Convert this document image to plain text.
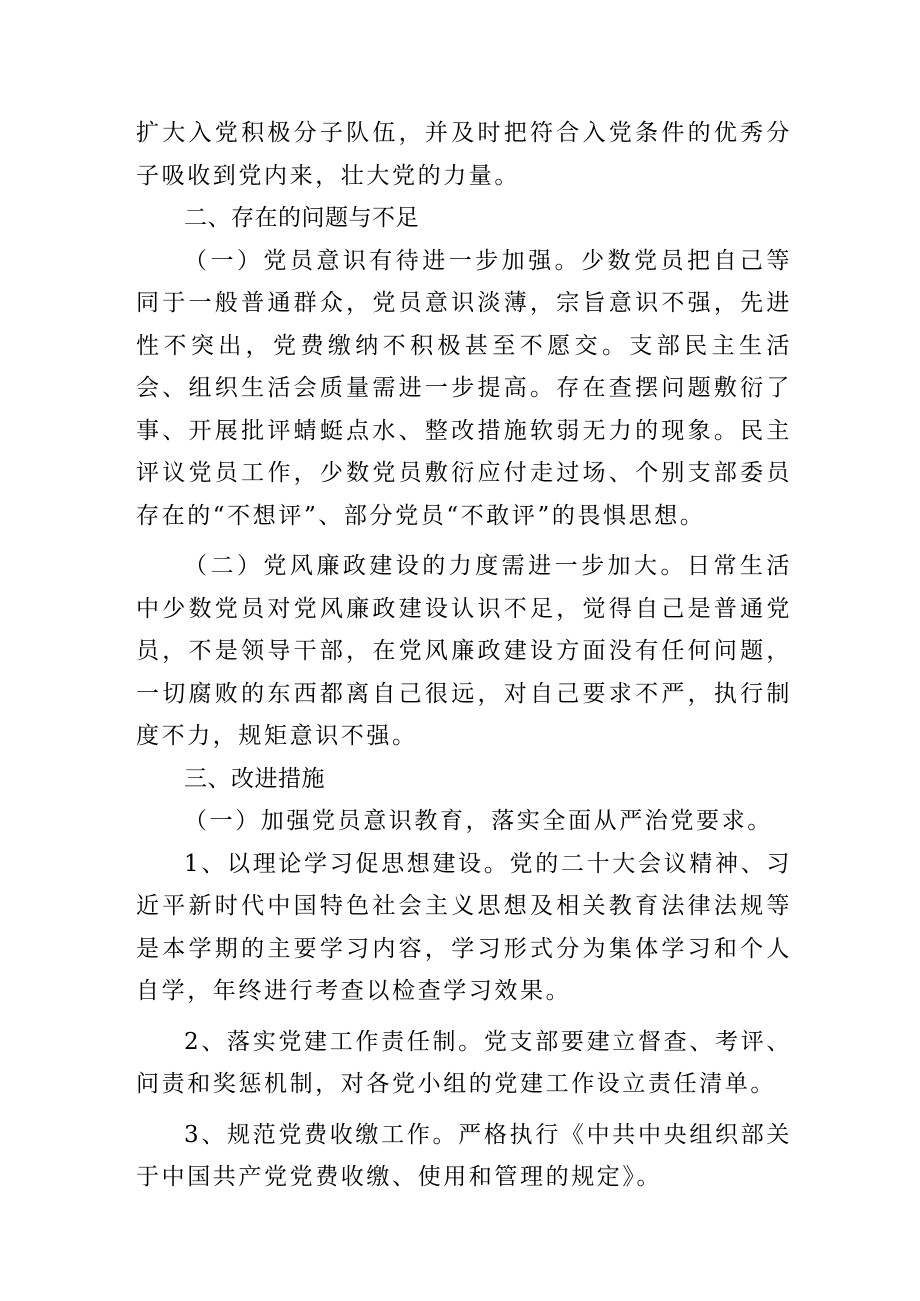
扩大入党积极分子队伍，并及时把符合入党条件的优秀分子吸收到党内来，壮大党的力量。

二、存在的问题与不足

（一）党员意识有待进一步加强。少数党员把自己等同于一般普通群众，党员意识淡薄，宗旨意识不强，先进性不突出，党费缴纳不积极甚至不愿交。支部民主生活会、组织生活会质量需进一步提高。存在查摆问题敷衍了事、开展批评蜻蜓点水、整改措施软弱无力的现象。民主评议党员工作，少数党员敷衍应付走过场、个别支部委员存在的“不想评”、部分党员“不敢评”的畏惧思想。

（二）党风廉政建设的力度需进一步加大。日常生活中少数党员对党风廉政建设认识不足，觉得自己是普通党员，不是领导干部，在党风廉政建设方面没有任何问题，一切腐败的东西都离自己很远，对自己要求不严，执行制度不力，规矩意识不强。

三、改进措施

（一）加强党员意识教育，落实全面从严治党要求。

1、以理论学习促思想建设。党的二十大会议精神、习近平新时代中国特色社会主义思想及相关教育法律法规等是本学期的主要学习内容，学习形式分为集体学习和个人自学，年终进行考查以检查学习效果。

2、落实党建工作责任制。党支部要建立督查、考评、问责和奖惩机制，对各党小组的党建工作设立责任清单。

3、规范党费收缴工作。严格执行《中共中央组织部关于中国共产党党费收缴、使用和管理的规定》。
